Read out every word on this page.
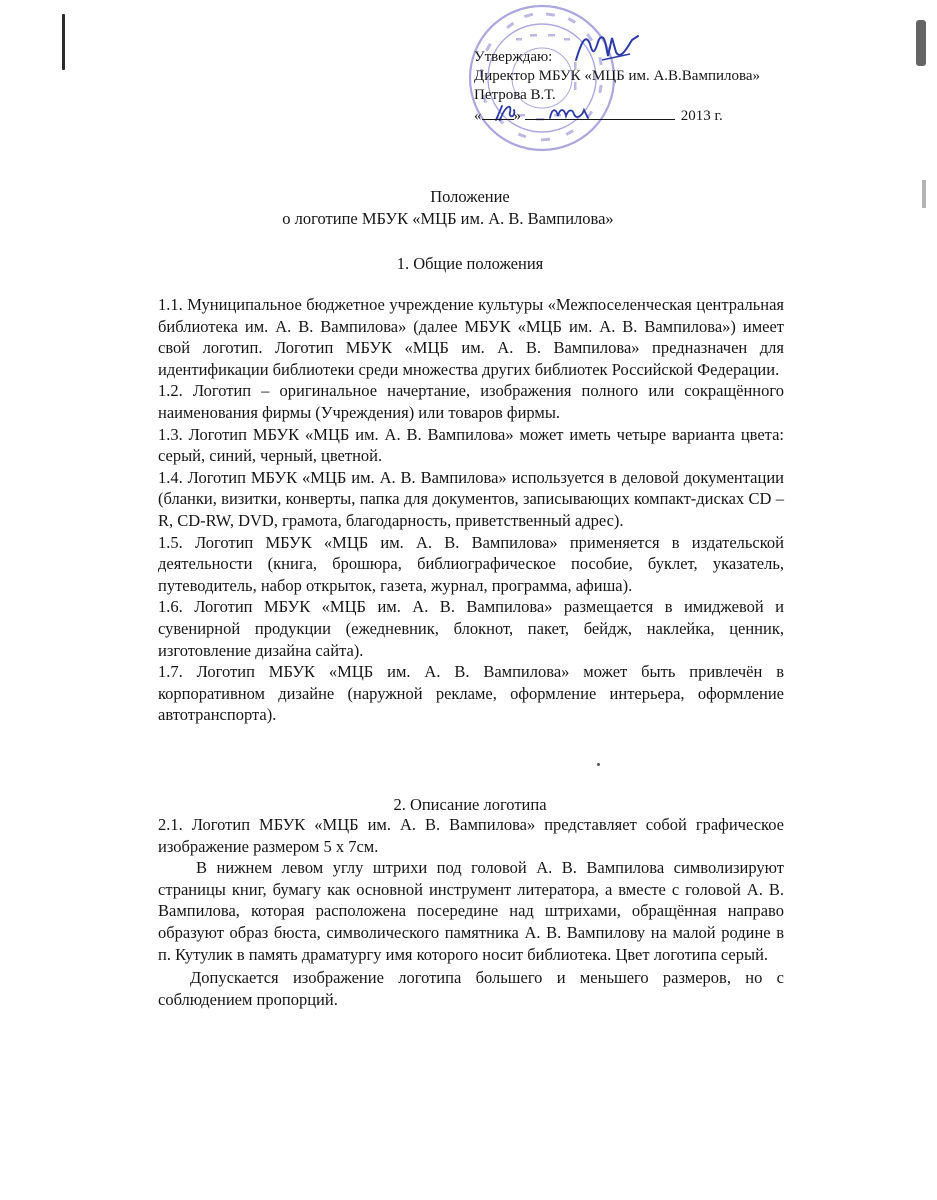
Утверждаю:
Директор МБУК «МЦБ им. А.В.Вампилова»
Петрова В.Т.
« »	2013 г.
Положение
о логотипе МБУК «МЦБ им. А. В. Вампилова»
1. Общие положения

1.1. Муниципальное бюджетное учреждение культуры «Межпоселенческая центральная библиотека им. А. В. Вампилова» (далее МБУК «МЦБ им. А. В. Вампилова») имеет свой логотип. Логотип МБУК «МЦБ им. А. В. Вампилова» предназначен для идентификации библиотеки среди множества других библиотек Российской Федерации.

1.2. Логотип – оригинальное начертание, изображения полного или сокращённого наименования фирмы (Учреждения) или товаров фирмы.

1.3. Логотип МБУК «МЦБ им. А. В. Вампилова» может иметь четыре варианта цвета: серый, синий, черный, цветной.

1.4. Логотип МБУК «МЦБ им. А. В. Вампилова» используется в деловой документации (бланки, визитки, конверты, папка для документов, записывающих компакт-дисках CD – R, CD-RW, DVD, грамота, благодарность, приветственный адрес).

1.5. Логотип МБУК «МЦБ им. А. В. Вампилова» применяется в издательской деятельности (книга, брошюра, библиографическое пособие, буклет, указатель, путеводитель, набор открыток, газета, журнал, программа, афиша).

1.6. Логотип МБУК «МЦБ им. А. В. Вампилова» размещается в имиджевой и сувенирной продукции (ежедневник, блокнот, пакет, бейдж, наклейка, ценник, изготовление дизайна сайта).

1.7. Логотип МБУК «МЦБ им. А. В. Вампилова» может быть привлечён в корпоративном дизайне (наружной рекламе, оформление интерьера, оформление автотранспорта).

2. Описание логотипа

2.1. Логотип МБУК «МЦБ им. А. В. Вампилова» представляет собой графическое изображение размером 5 х 7см.

В нижнем левом углу штрихи под головой А. В. Вампилова символизируют страницы книг, бумагу как основной инструмент литератора, а вместе с головой А. В. Вампилова, которая расположена посередине над штрихами, обращённая направо образуют образ бюста, символического памятника А. В. Вампилову на малой родине в п. Кутулик в память драматургу имя которого носит библиотека. Цвет логотипа серый.

Допускается изображение логотипа большего и меньшего размеров, но с соблюдением пропорций.
